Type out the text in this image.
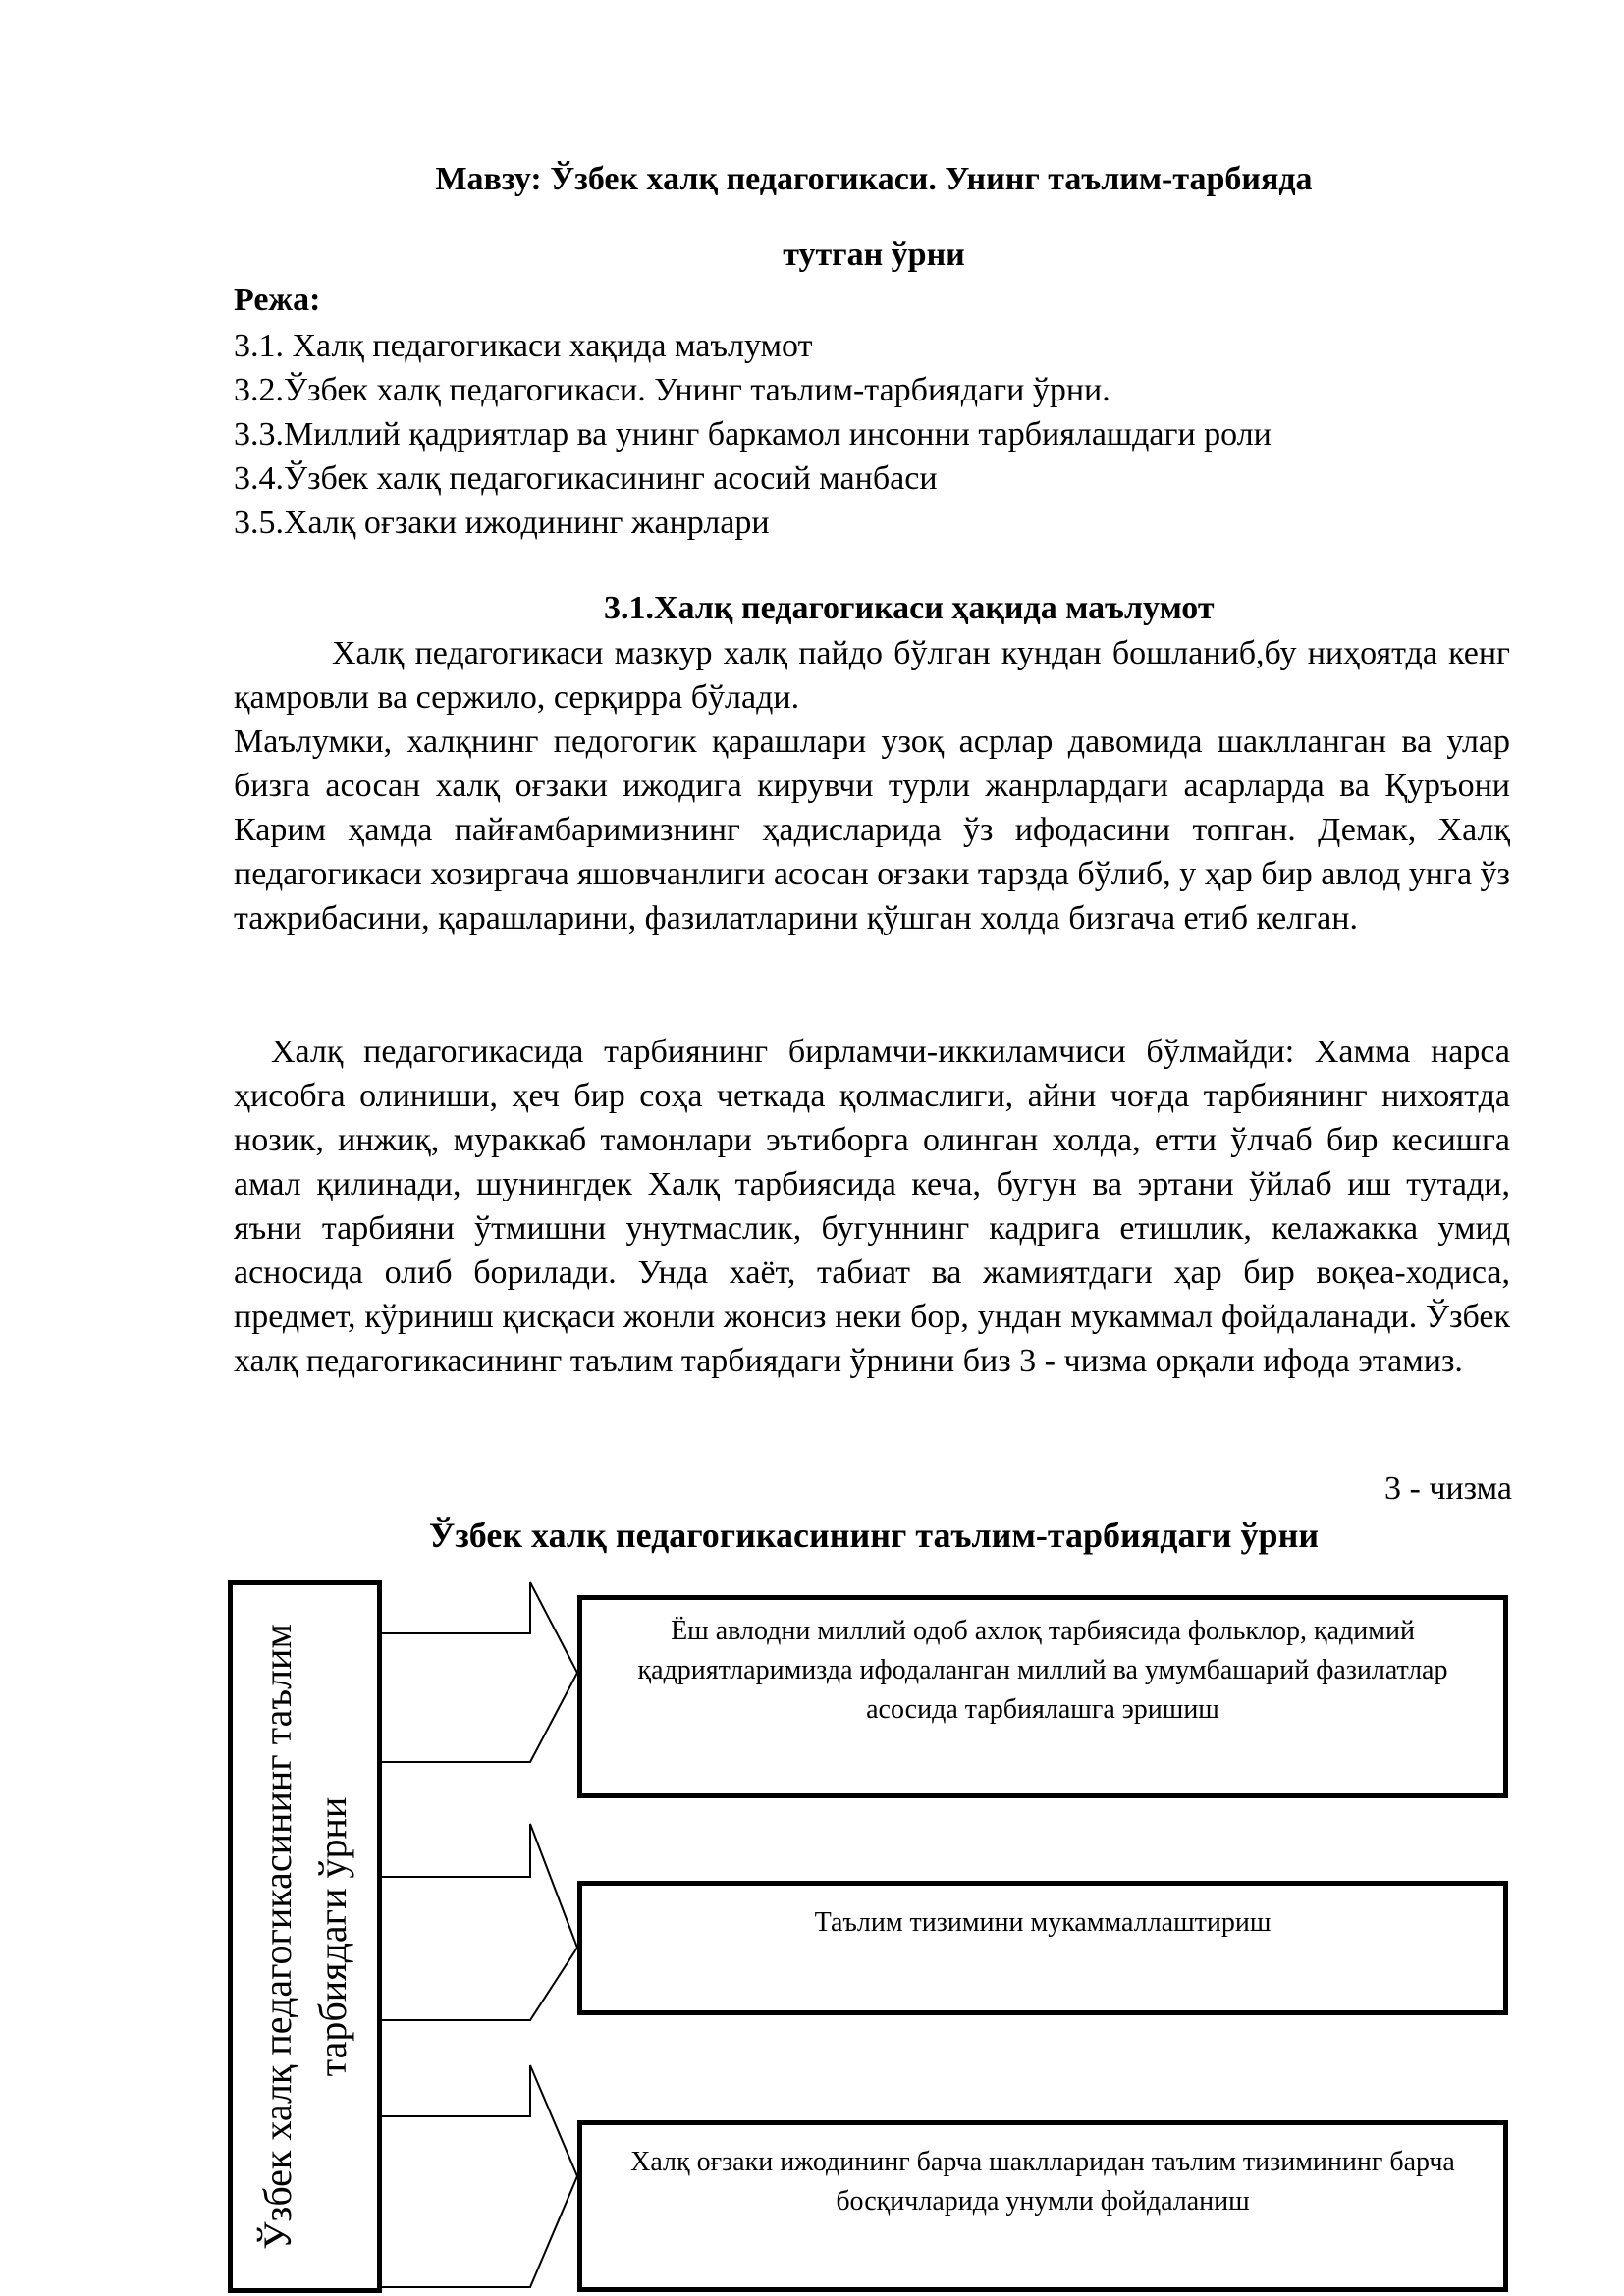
Мавзу: Ўзбек халқ педагогикаси. Унинг таълим-тарбияда
тутган ўрни
Режа:
3.1. Халқ педагогикаси хақида маълумот
3.2.Ўзбек халқ педагогикаси. Унинг таълим-тарбиядаги ўрни.
3.3.Миллий қадриятлар ва унинг баркамол инсонни тарбиялашдаги роли
3.4.Ўзбек халқ педагогикасининг асосий манбаси
3.5.Халқ оғзаки ижодининг жанрлари
3.1.Халқ педагогикаси ҳақида маълумот

Халқ педагогикаси мазкур халқ пайдо бўлган кундан бошланиб,бу ниҳоятда кенг қамровли ва сержило, серқирра бўлади.

Маълумки, халқнинг педогогик қарашлари узоқ асрлар давомида шаклланган ва улар бизга асосан халқ оғзаки ижодига кирувчи турли жанрлардаги асарларда ва Қуръони Карим ҳамда пайғамбаримизнинг ҳадисларида ўз ифодасини топган. Демак, Халқ педагогикаси хозиргача яшовчанлиги асосан оғзаки тарзда бўлиб, у ҳар бир авлод унга ўз тажрибасини, қарашларини, фазилатларини қўшган холда бизгача етиб келган.

Халқ педагогикасида тарбиянинг бирламчи-иккиламчиси бўлмайди: Хамма нарса ҳисобга олиниши, ҳеч бир соҳа четкада қолмаслиги, айни чоғда тарбиянинг нихоятда нозик, инжиқ, мураккаб тамонлари эътиборга олинган холда, етти ўлчаб бир кесишга амал қилинади, шунингдек Халқ тарбиясида кеча, бугун ва эртани ўйлаб иш тутади, яъни тарбияни ўтмишни унутмаслик, бугуннинг кадрига етишлик, келажакка умид асносида олиб борилади. Унда хаёт, табиат ва жамиятдаги ҳар бир воқеа-ходиса, предмет, кўриниш қисқаси жонли жонсиз неки бор, ундан мукаммал фойдаланади. Ўзбек халқ педагогикасининг таълим тарбиядаги ўрнини биз 3 - чизма орқали ифода этамиз.

3 - чизма

Ўзбек халқ педагогикасининг таълим-тарбиядаги ўрни
Ўзбек халқ педагогикасининг таълим тарбиядаги ўрни
Ёш авлодни миллий одоб ахлоқ тарбиясида фольклор, қадимий қадриятларимизда ифодаланган миллий ва умумбашарий фазилатлар асосида тарбиялашга эришиш
Таълим тизимини мукаммаллаштириш
Халқ оғзаки ижодининг барча шаклларидан таълим тизимининг барча босқичларида унумли фойдаланиш
